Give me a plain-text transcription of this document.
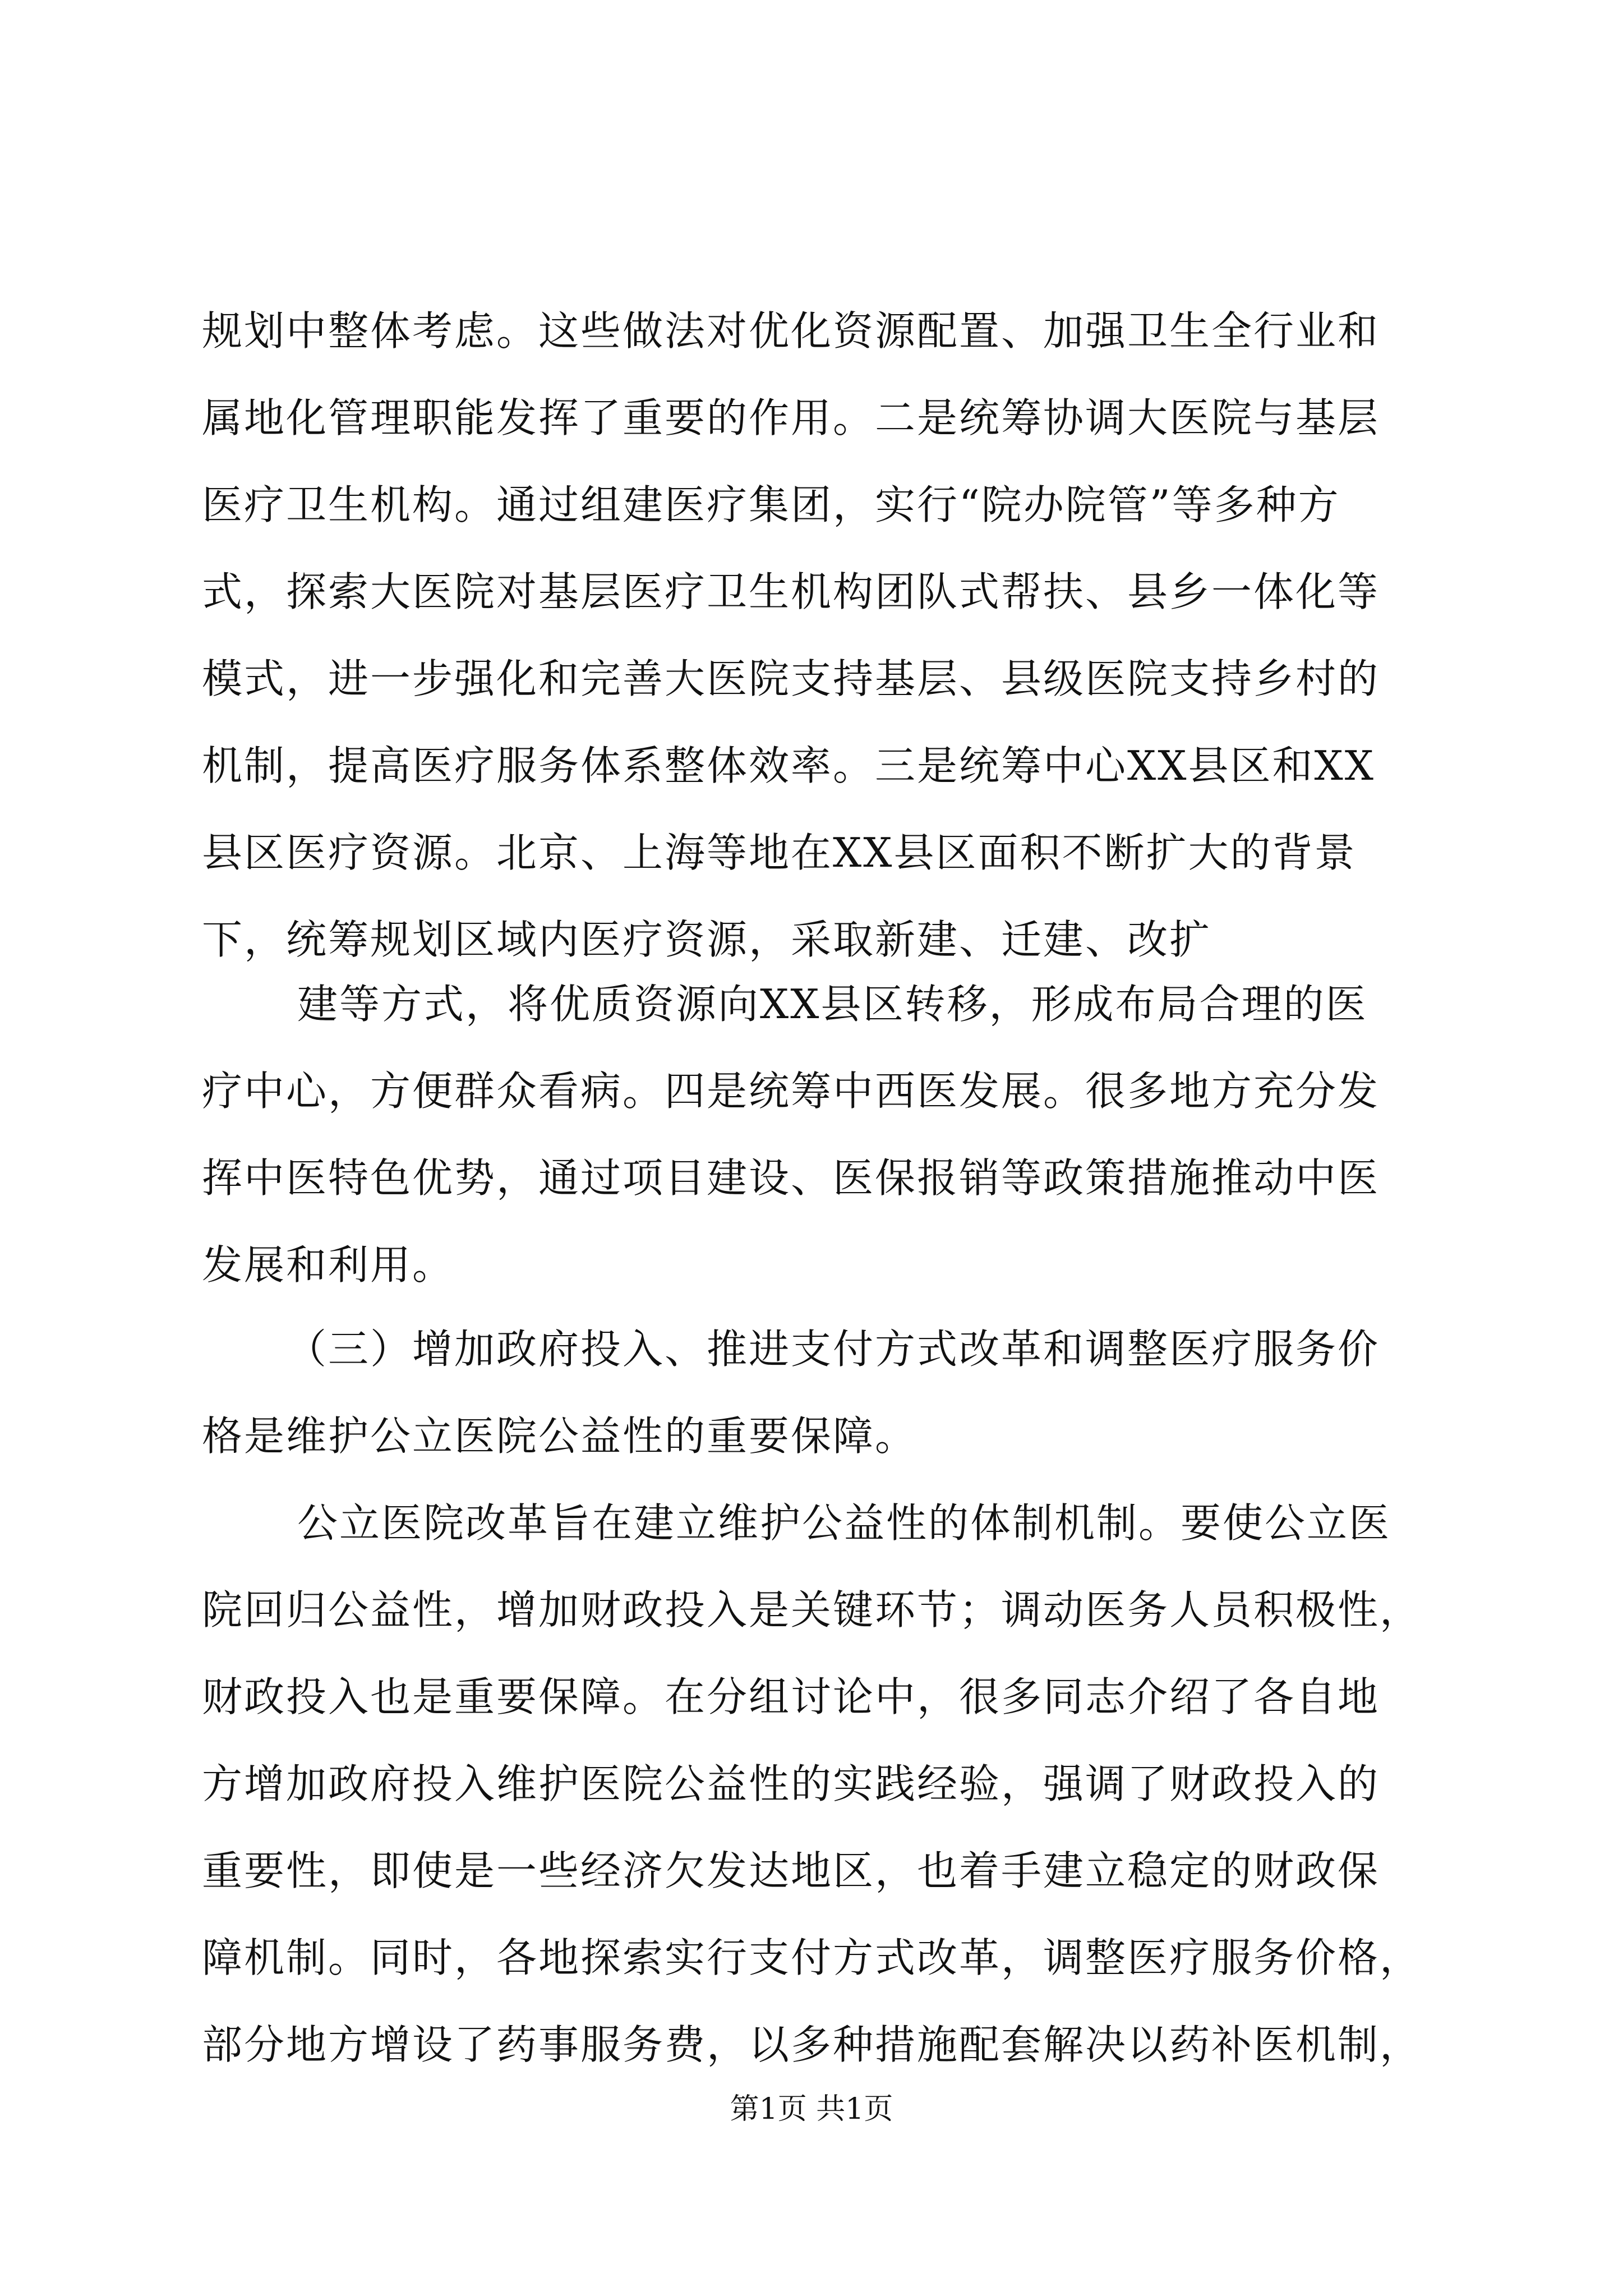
规划中整体考虑。这些做法对优化资源配置、加强卫生全行业和
属地化管理职能发挥了重要的作用。二是统筹协调大医院与基层
医疗卫生机构。通过组建医疗集团，实行“院办院管”等多种方
式，探索大医院对基层医疗卫生机构团队式帮扶、县乡一体化等
模式，进一步强化和完善大医院支持基层、县级医院支持乡村的
机制，提高医疗服务体系整体效率。三是统筹中心XX县区和XX
县区医疗资源。北京、上海等地在XX县区面积不断扩大的背景
下，统筹规划区域内医疗资源，采取新建、迁建、改扩
建等方式，将优质资源向XX县区转移，形成布局合理的医
疗中心，方便群众看病。四是统筹中西医发展。很多地方充分发
挥中医特色优势，通过项目建设、医保报销等政策措施推动中医
发展和利用。
（三）增加政府投入、推进支付方式改革和调整医疗服务价
格是维护公立医院公益性的重要保障。
公立医院改革旨在建立维护公益性的体制机制。要使公立医
院回归公益性，增加财政投入是关键环节；调动医务人员积极性，
财政投入也是重要保障。在分组讨论中，很多同志介绍了各自地
方增加政府投入维护医院公益性的实践经验，强调了财政投入的
重要性，即使是一些经济欠发达地区，也着手建立稳定的财政保
障机制。同时，各地探索实行支付方式改革，调整医疗服务价格，
部分地方增设了药事服务费，以多种措施配套解决以药补医机制，
第1页 共1页
